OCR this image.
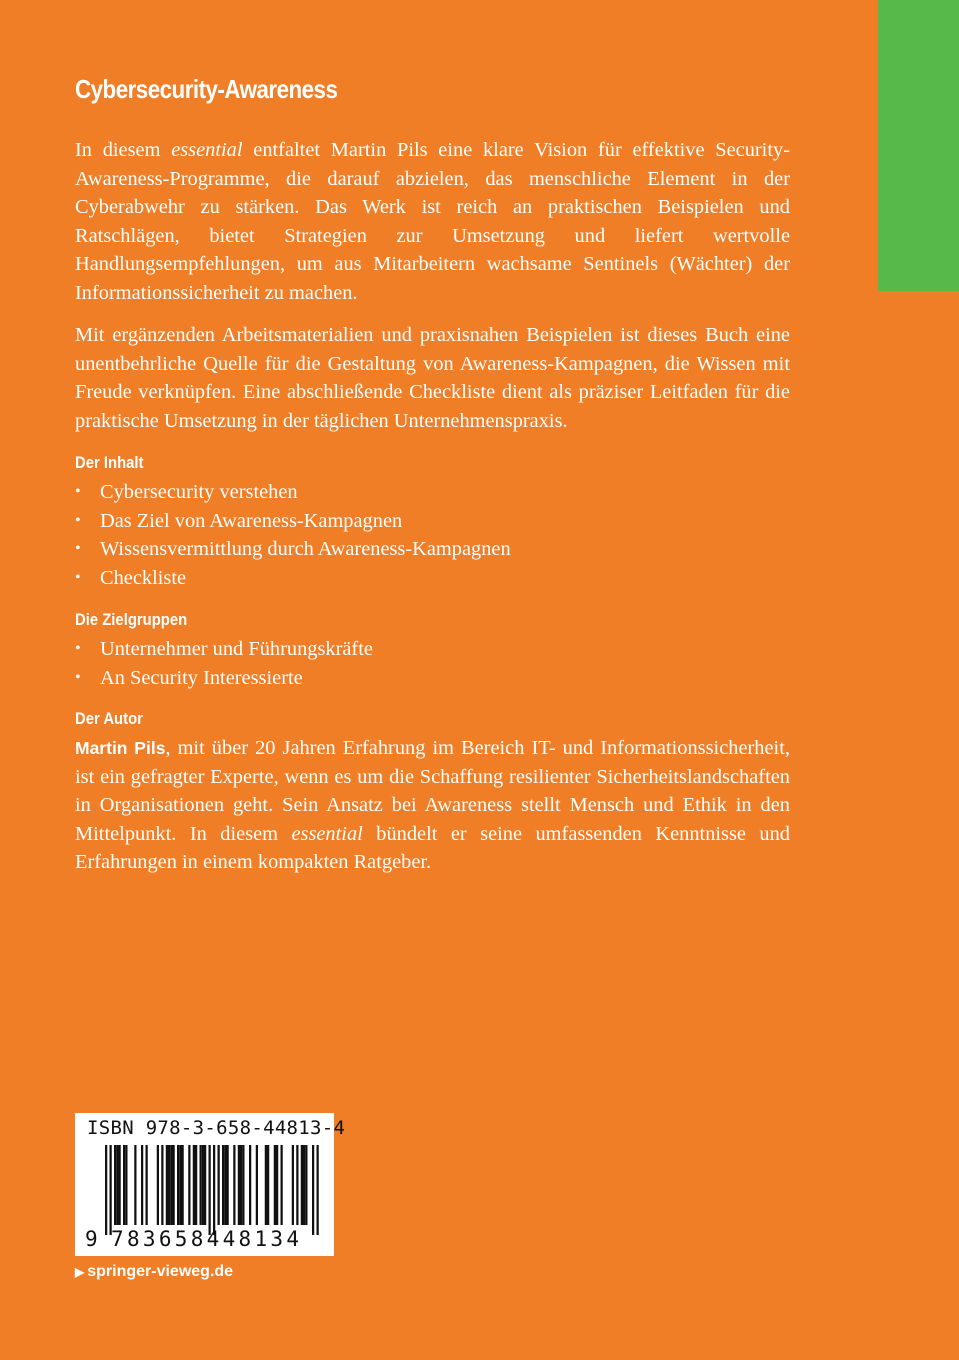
Cybersecurity-Awareness

In diesem essential entfaltet Martin Pils eine klare Vision für effektive Security-Awareness-Programme, die darauf abzielen, das menschliche Element in der Cyberabwehr zu stärken. Das Werk ist reich an praktischen Beispielen und Ratschlägen, bietet Strategien zur Umsetzung und liefert wertvolle Handlungsempfehlungen, um aus Mitarbeitern wachsame Sentinels (Wächter) der Informationssicherheit zu machen.

Mit ergänzenden Arbeitsmaterialien und praxisnahen Beispielen ist dieses Buch eine unentbehrliche Quelle für die Gestaltung von Awareness-Kampagnen, die Wissen mit Freude verknüpfen. Eine abschließende Checkliste dient als präziser Leitfaden für die praktische Umsetzung in der täglichen Unternehmenspraxis.

Der Inhalt
• Cybersecurity verstehen
• Das Ziel von Awareness-Kampagnen
• Wissensvermittlung durch Awareness-Kampagnen
• Checkliste
Die Zielgruppen
• Unternehmer und Führungskräfte
• An Security Interessierte
Der Autor

Martin Pils, mit über 20 Jahren Erfahrung im Bereich IT- und Informationssicherheit, ist ein gefragter Experte, wenn es um die Schaffung resilienter Sicherheitslandschaften in Organisationen geht. Sein Ansatz bei Awareness stellt Mensch und Ethik in den Mittelpunkt. In diesem essential bündelt er seine umfassenden Kenntnisse und Erfahrungen in einem kompakten Ratgeber.

ISBN 978-3-658-44813-4
9 783658448134
▶ springer-vieweg.de
